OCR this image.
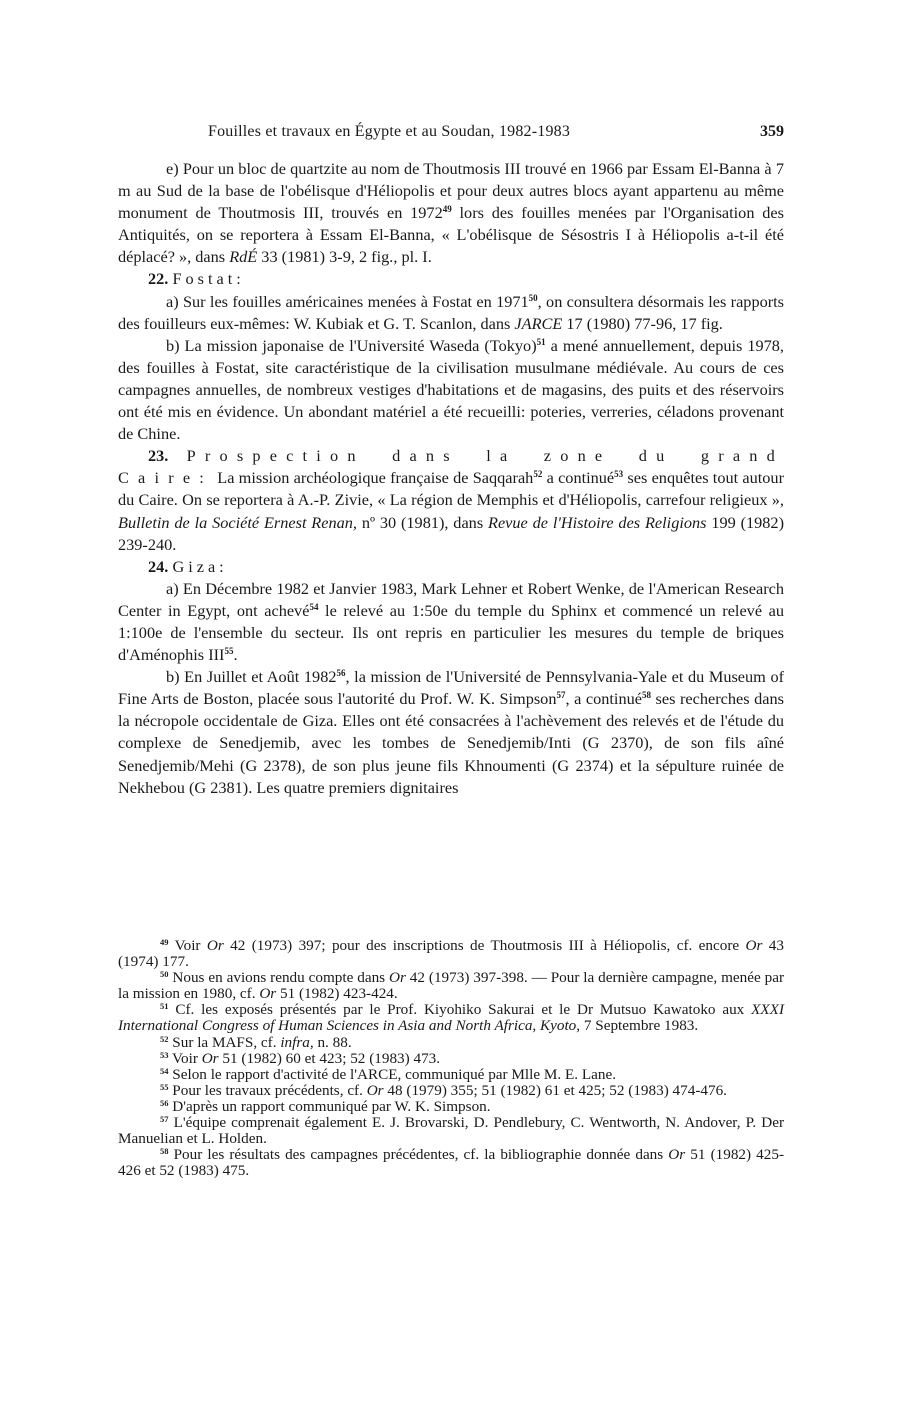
Fouilles et travaux en Égypte et au Soudan, 1982-1983	359

e) Pour un bloc de quartzite au nom de Thoutmosis III trouvé en 1966 par Essam El-Banna à 7 m au Sud de la base de l'obélisque d'Héliopolis et pour deux autres blocs ayant appartenu au même monument de Thoutmosis III, trouvés en 1972$^{49}$ lors des fouilles menées par l'Organisation des Antiquités, on se reportera à Essam El-Banna, « L'obélisque de Sésostris I à Héliopolis a-t-il été déplacé? », dans RdÉ 33 (1981) 3-9, 2 fig., pl. I.

22. Fostat:

a) Sur les fouilles américaines menées à Fostat en 1971$^{50}$, on consultera désormais les rapports des fouilleurs eux-mêmes: W. Kubiak et G. T. Scanlon, dans JARCE 17 (1980) 77-96, 17 fig.

b) La mission japonaise de l'Université Waseda (Tokyo)$^{51}$ a mené annuellement, depuis 1978, des fouilles à Fostat, site caractéristique de la civilisation musulmane médiévale. Au cours de ces campagnes annuelles, de nombreux vestiges d'habitations et de magasins, des puits et des réservoirs ont été mis en évidence. Un abondant matériel a été recueilli: poteries, verreries, céladons provenant de Chine.

23. Prospection dans la zone du grand Caire: La mission archéologique française de Saqqarah$^{52}$ a continué$^{53}$ ses enquêtes tout autour du Caire. On se reportera à A.-P. Zivie, « La région de Memphis et d'Héliopolis, carrefour religieux », Bulletin de la Société Ernest Renan, nº 30 (1981), dans Revue de l'Histoire des Religions 199 (1982) 239-240.

24. Giza:

a) En Décembre 1982 et Janvier 1983, Mark Lehner et Robert Wenke, de l'American Research Center in Egypt, ont achevé$^{54}$ le relevé au 1:50e du temple du Sphinx et commencé un relevé au 1:100e de l'ensemble du secteur. Ils ont repris en particulier les mesures du temple de briques d'Aménophis III$^{55}$.

b) En Juillet et Août 1982$^{56}$, la mission de l'Université de Pennsylvania-Yale et du Museum of Fine Arts de Boston, placée sous l'autorité du Prof. W. K. Simpson$^{57}$, a continué$^{58}$ ses recherches dans la nécropole occidentale de Giza. Elles ont été consacrées à l'achèvement des relevés et de l'étude du complexe de Senedjemib, avec les tombes de Senedjemib/Inti (G 2370), de son fils aîné Senedjemib/Mehi (G 2378), de son plus jeune fils Khnoumenti (G 2374) et la sépulture ruinée de Nekhebou (G 2381). Les quatre premiers dignitaires

$^{49}$ Voir Or 42 (1973) 397; pour des inscriptions de Thoutmosis III à Héliopolis, cf. encore Or 43 (1974) 177.

$^{50}$ Nous en avions rendu compte dans Or 42 (1973) 397-398. — Pour la dernière campagne, menée par la mission en 1980, cf. Or 51 (1982) 423-424.

$^{51}$ Cf. les exposés présentés par le Prof. Kiyohiko Sakurai et le Dr Mutsuo Kawatoko aux XXXI International Congress of Human Sciences in Asia and North Africa, Kyoto, 7 Septembre 1983.

$^{52}$ Sur la MAFS, cf. infra, n. 88.

$^{53}$ Voir Or 51 (1982) 60 et 423; 52 (1983) 473.

$^{54}$ Selon le rapport d'activité de l'ARCE, communiqué par Mlle M. E. Lane.

$^{55}$ Pour les travaux précédents, cf. Or 48 (1979) 355; 51 (1982) 61 et 425; 52 (1983) 474-476.

$^{56}$ D'après un rapport communiqué par W. K. Simpson.

$^{57}$ L'équipe comprenait également E. J. Brovarski, D. Pendlebury, C. Wentworth, N. Andover, P. Der Manuelian et L. Holden.

$^{58}$ Pour les résultats des campagnes précédentes, cf. la bibliographie donnée dans Or 51 (1982) 425-426 et 52 (1983) 475.
